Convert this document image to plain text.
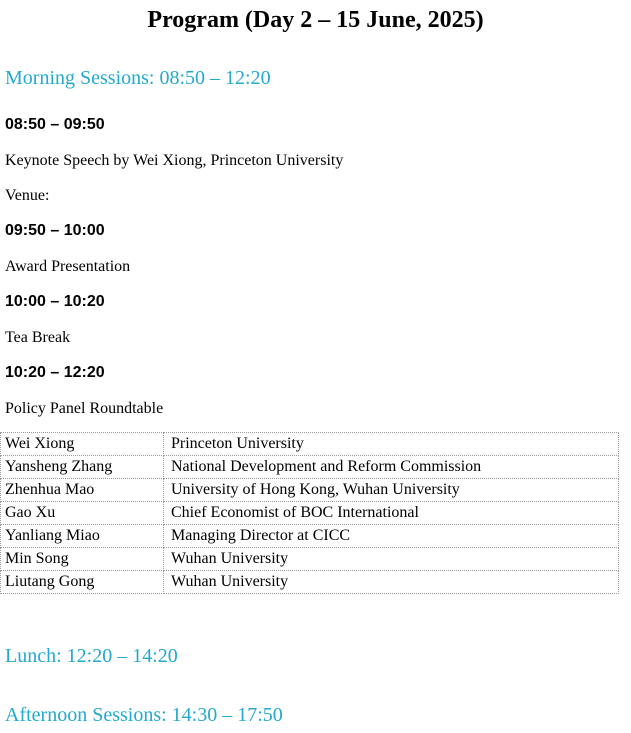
Program (Day 2 – 15 June, 2025)
Morning Sessions: 08:50 – 12:20

08:50 – 09:50

Keynote Speech by Wei Xiong, Princeton University

Venue:

09:50 – 10:00

Award Presentation

10:00 – 10:20

Tea Break

10:20 – 12:20

Policy Panel Roundtable

Wei Xiong	Princeton University
Yansheng Zhang	National Development and Reform Commission
Zhenhua Mao	University of Hong Kong, Wuhan University
Gao Xu	Chief Economist of BOC International
Yanliang Miao	Managing Director at CICC
Min Song	Wuhan University
Liutang Gong	Wuhan University
Lunch: 12:20 – 14:20
Afternoon Sessions: 14:30 – 17:50
